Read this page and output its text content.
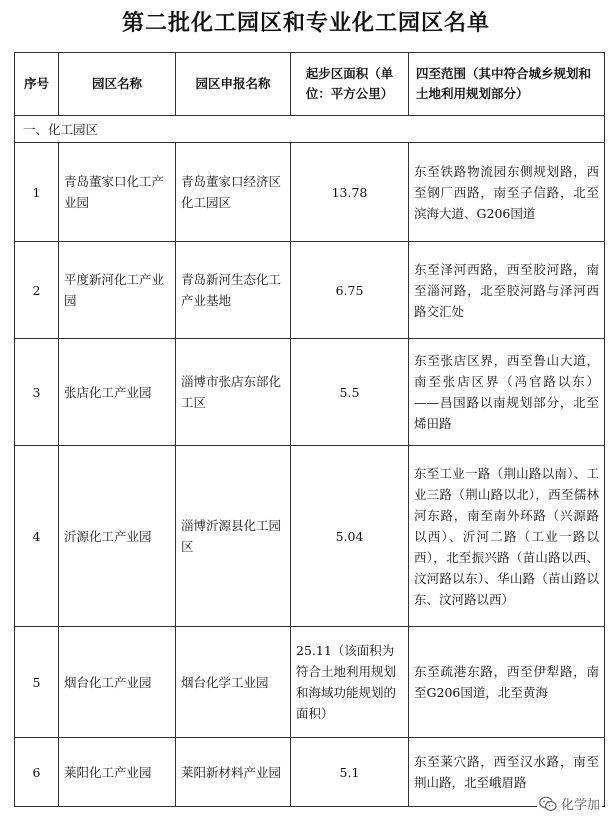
第二批化工园区和专业化工园区名单
序号	园区名称	园区申报名称	起步区面积（单位：平方公里）	四至范围（其中符合城乡规划和土地利用规划部分）
一、化工园区				
1	青岛董家口化工产业园	青岛董家口经济区化工园区	13.78	东至铁路物流园东侧规划路，西至钢厂西路，南至子信路，北至滨海大道、G206国道
2	平度新河化工产业园	青岛新河生态化工产业基地	6.75	东至泽河西路，西至胶河路，南至淄河路，北至胶河路与泽河西路交汇处
3	张店化工产业园	淄博市张店东部化工区	5.5	东至张店区界，西至鲁山大道，南至张店区界（冯官路以东）——昌国路以南规划部分，北至烯田路
4	沂源化工产业园	淄博沂源县化工园区	5.04	东至工业一路（荆山路以南）、工业三路（荆山路以北），西至儒林河东路，南至南外环路（兴源路以西）、沂河二路（工业一路以西），北至振兴路（苗山路以西、汶河路以东）、华山路（苗山路以东、汶河路以西）
5	烟台化工产业园	烟台化学工业园	25.11（该面积为符合土地利用规划和海域功能规划的面积）	东至疏港东路，西至伊犁路，南至G206国道，北至黄海
6	莱阳化工产业园	莱阳新材料产业园	5.1	东至莱穴路，西至汉水路，南至荆山路，北至峨眉路
化学加
